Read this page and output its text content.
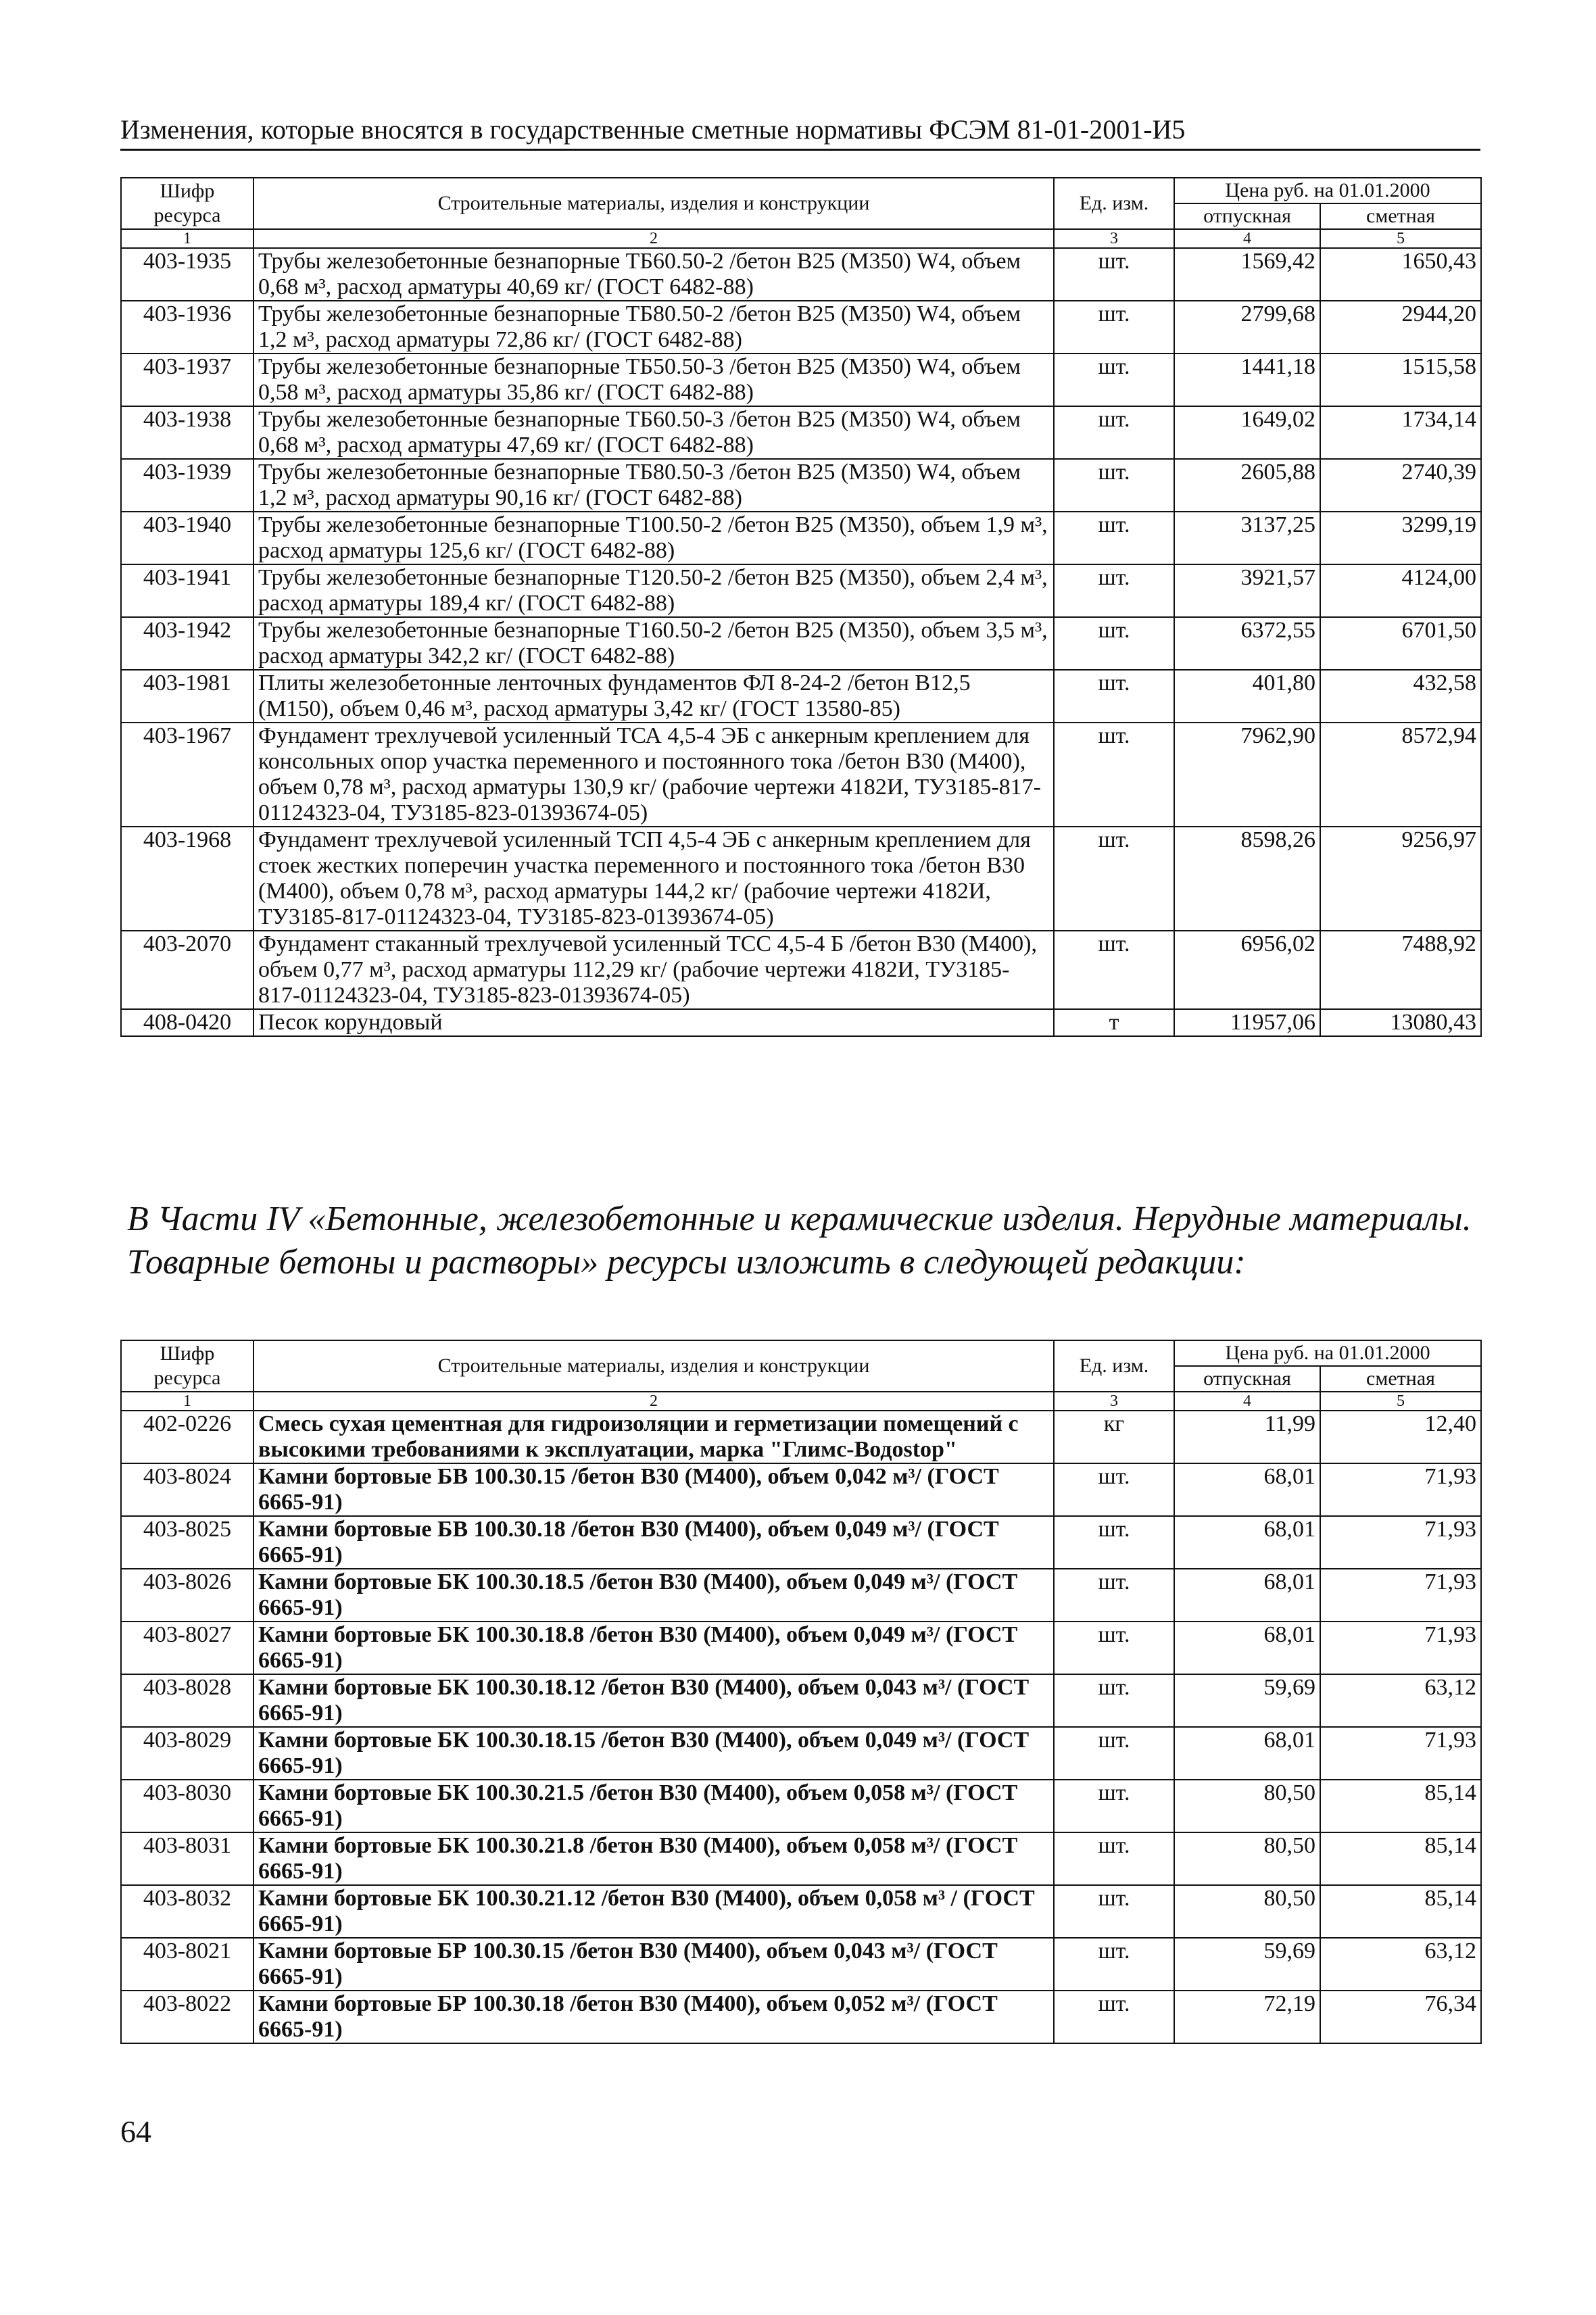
Изменения, которые вносятся в государственные сметные нормативы ФСЭМ 81-01-2001-И5
Шифр ресурса	Строительные материалы, изделия и конструкции	Ед. изм.	Цена руб. на 01.01.2000	
			отпускная	сметная
1	2	3	4	5
403-1935	Трубы железобетонные безнапорные ТБ60.50-2 /бетон В25 (М350) W4, объем 0,68 м³, расход арматуры 40,69 кг/ (ГОСТ 6482-88)	шт.	1569,42	1650,43
403-1936	Трубы железобетонные безнапорные ТБ80.50-2 /бетон В25 (М350) W4, объем 1,2 м³, расход арматуры 72,86 кг/ (ГОСТ 6482-88)	шт.	2799,68	2944,20
403-1937	Трубы железобетонные безнапорные ТБ50.50-3 /бетон В25 (М350) W4, объем 0,58 м³, расход арматуры 35,86 кг/ (ГОСТ 6482-88)	шт.	1441,18	1515,58
403-1938	Трубы железобетонные безнапорные ТБ60.50-3 /бетон В25 (М350) W4, объем 0,68 м³, расход арматуры 47,69 кг/ (ГОСТ 6482-88)	шт.	1649,02	1734,14
403-1939	Трубы железобетонные безнапорные ТБ80.50-3 /бетон В25 (М350) W4, объем 1,2 м³, расход арматуры 90,16 кг/ (ГОСТ 6482-88)	шт.	2605,88	2740,39
403-1940	Трубы железобетонные безнапорные Т100.50-2 /бетон В25 (М350), объем 1,9 м³, расход арматуры 125,6 кг/ (ГОСТ 6482-88)	шт.	3137,25	3299,19
403-1941	Трубы железобетонные безнапорные Т120.50-2 /бетон В25 (М350), объем 2,4 м³, расход арматуры 189,4 кг/ (ГОСТ 6482-88)	шт.	3921,57	4124,00
403-1942	Трубы железобетонные безнапорные Т160.50-2 /бетон В25 (М350), объем 3,5 м³, расход арматуры 342,2 кг/ (ГОСТ 6482-88)	шт.	6372,55	6701,50
403-1981	Плиты железобетонные ленточных фундаментов ФЛ 8-24-2 /бетон В12,5 (М150), объем 0,46 м³, расход арматуры 3,42 кг/ (ГОСТ 13580-85)	шт.	401,80	432,58
403-1967	Фундамент трехлучевой усиленный ТСА 4,5-4 ЭБ с анкерным креплением для консольных опор участка переменного и постоянного тока /бетон В30 (М400), объем 0,78 м³, расход арматуры 130,9 кг/ (рабочие чертежи 4182И, ТУ3185-817-01124323-04, ТУ3185-823-01393674-05)	шт.	7962,90	8572,94
403-1968	Фундамент трехлучевой усиленный ТСП 4,5-4 ЭБ с анкерным креплением для стоек жестких поперечин участка переменного и постоянного тока /бетон В30 (М400), объем 0,78 м³, расход арматуры 144,2 кг/ (рабочие чертежи 4182И, ТУ3185-817-01124323-04, ТУ3185-823-01393674-05)	шт.	8598,26	9256,97
403-2070	Фундамент стаканный трехлучевой усиленный ТСС 4,5-4 Б /бетон В30 (М400), объем 0,77 м³, расход арматуры 112,29 кг/ (рабочие чертежи 4182И, ТУ3185-817-01124323-04, ТУ3185-823-01393674-05)	шт.	6956,02	7488,92
408-0420	Песок корундовый	т	11957,06	13080,43
В Части IV «Бетонные, железобетонные и керамические изделия. Нерудные материалы. Товарные бетоны и растворы» ресурсы изложить в следующей редакции:
Шифр ресурса	Строительные материалы, изделия и конструкции	Ед. изм.	Цена руб. на 01.01.2000	
			отпускная	сметная
1	2	3	4	5
402-0226	Смесь сухая цементная для гидроизоляции и герметизации помещений с высокими требованиями к эксплуатации, марка "Глимс-Водоstop"	кг	11,99	12,40
403-8024	Камни бортовые БВ 100.30.15 /бетон В30 (М400), объем 0,042 м³/ (ГОСТ 6665-91)	шт.	68,01	71,93
403-8025	Камни бортовые БВ 100.30.18 /бетон В30 (М400), объем 0,049 м³/ (ГОСТ 6665-91)	шт.	68,01	71,93
403-8026	Камни бортовые БК 100.30.18.5 /бетон В30 (М400), объем 0,049 м³/ (ГОСТ 6665-91)	шт.	68,01	71,93
403-8027	Камни бортовые БК 100.30.18.8 /бетон В30 (М400), объем 0,049 м³/ (ГОСТ 6665-91)	шт.	68,01	71,93
403-8028	Камни бортовые БК 100.30.18.12 /бетон В30 (М400), объем 0,043 м³/ (ГОСТ 6665-91)	шт.	59,69	63,12
403-8029	Камни бортовые БК 100.30.18.15 /бетон В30 (М400), объем 0,049 м³/ (ГОСТ 6665-91)	шт.	68,01	71,93
403-8030	Камни бортовые БК 100.30.21.5 /бетон В30 (М400), объем 0,058 м³/ (ГОСТ 6665-91)	шт.	80,50	85,14
403-8031	Камни бортовые БК 100.30.21.8 /бетон В30 (М400), объем 0,058 м³/ (ГОСТ 6665-91)	шт.	80,50	85,14
403-8032	Камни бортовые БК 100.30.21.12 /бетон В30 (М400), объем 0,058 м³ / (ГОСТ 6665-91)	шт.	80,50	85,14
403-8021	Камни бортовые БР 100.30.15 /бетон В30 (М400), объем 0,043 м³/ (ГОСТ 6665-91)	шт.	59,69	63,12
403-8022	Камни бортовые БР 100.30.18 /бетон В30 (М400), объем 0,052 м³/ (ГОСТ 6665-91)	шт.	72,19	76,34
64
